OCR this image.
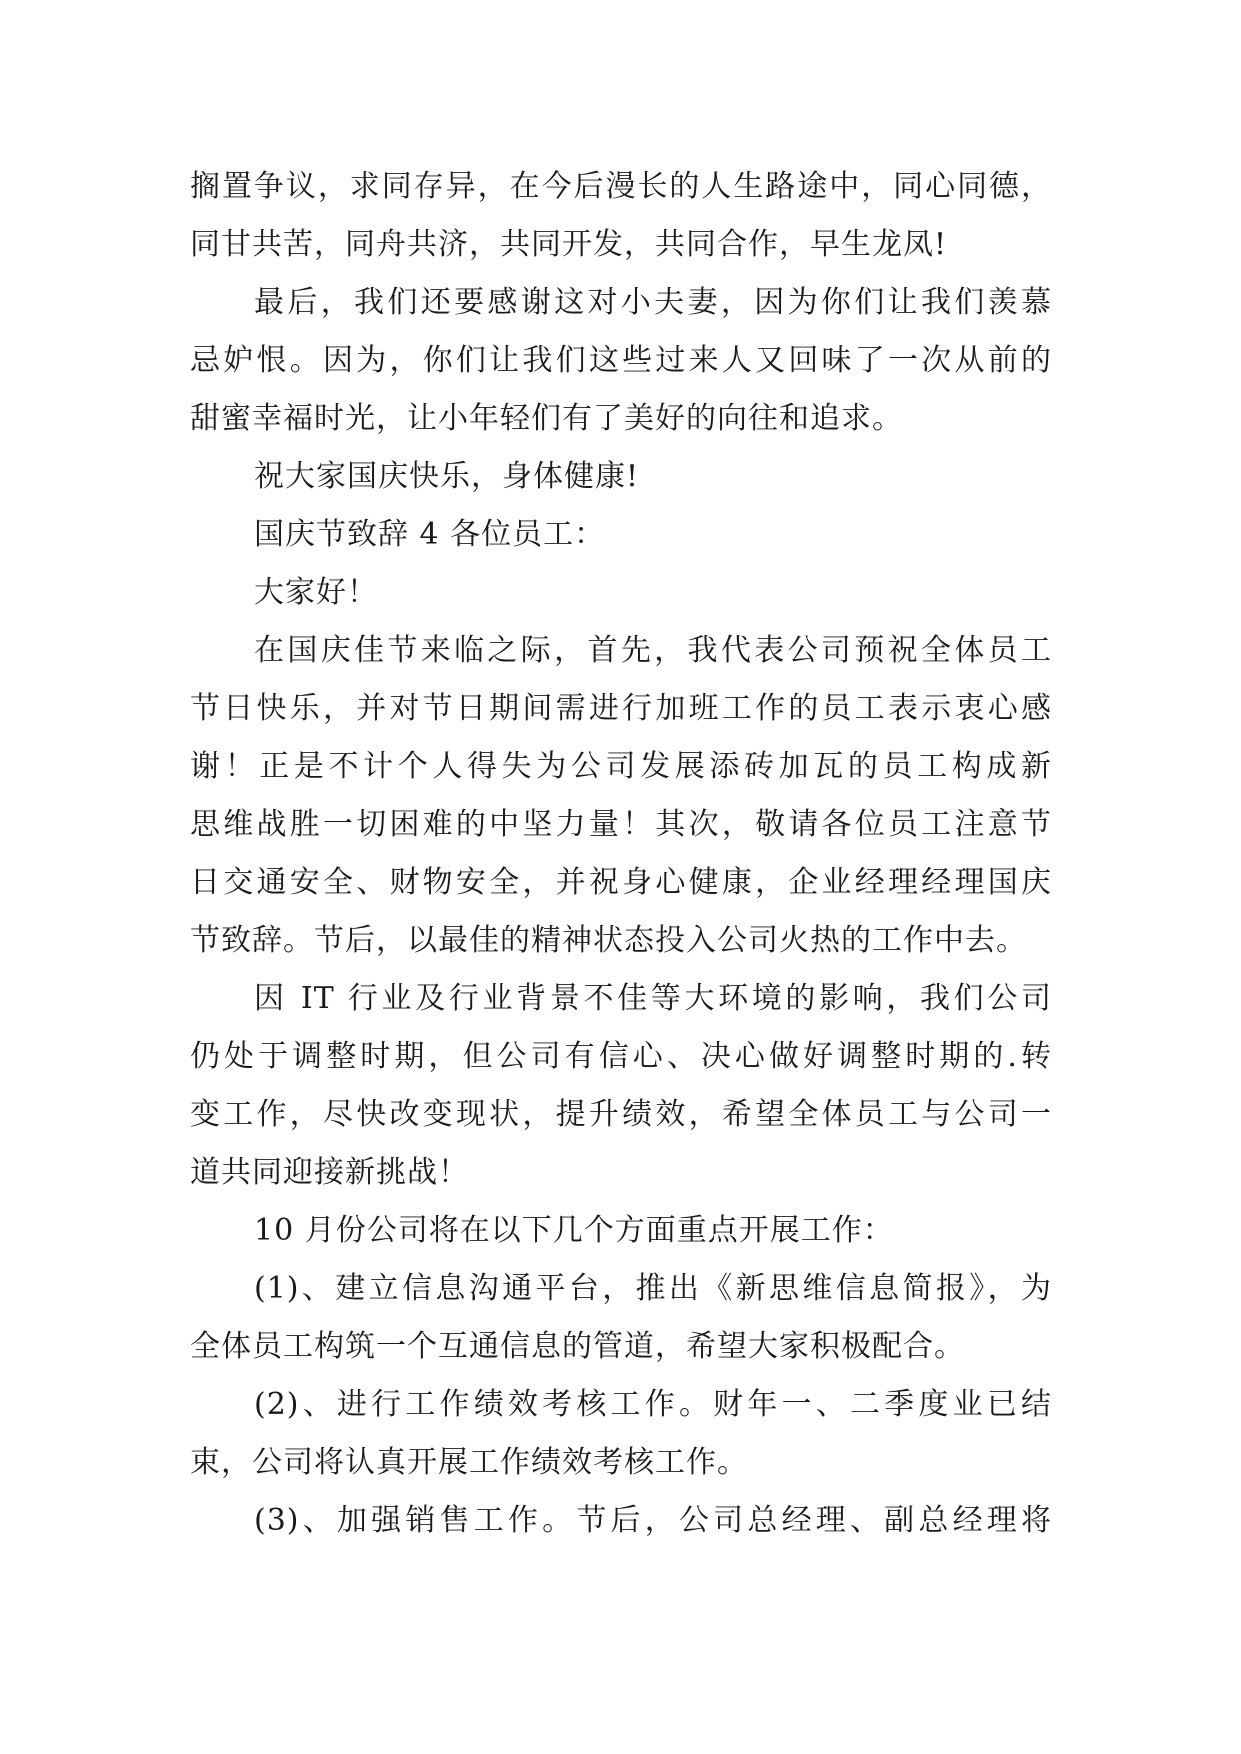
搁置争议，求同存异，在今后漫长的人生路途中，同心同德，
同甘共苦，同舟共济，共同开发，共同合作，早生龙凤!
最后，我们还要感谢这对小夫妻，因为你们让我们羡慕
忌妒恨。因为，你们让我们这些过来人又回味了一次从前的
甜蜜幸福时光，让小年轻们有了美好的向往和追求。
祝大家国庆快乐，身体健康!
国庆节致辞 4 各位员工：
大家好！
在国庆佳节来临之际，首先，我代表公司预祝全体员工
节日快乐，并对节日期间需进行加班工作的员工表示衷心感
谢！正是不计个人得失为公司发展添砖加瓦的员工构成新
思维战胜一切困难的中坚力量！其次，敬请各位员工注意节
日交通安全、财物安全，并祝身心健康，企业经理经理国庆
节致辞。节后，以最佳的精神状态投入公司火热的工作中去。
因 IT 行业及行业背景不佳等大环境的影响，我们公司
仍处于调整时期，但公司有信心、决心做好调整时期的.转
变工作，尽快改变现状，提升绩效，希望全体员工与公司一
道共同迎接新挑战！
10 月份公司将在以下几个方面重点开展工作：
(1)、建立信息沟通平台，推出《新思维信息简报》，为
全体员工构筑一个互通信息的管道，希望大家积极配合。
(2)、进行工作绩效考核工作。财年一、二季度业已结
束，公司将认真开展工作绩效考核工作。
(3)、加强销售工作。节后，公司总经理、副总经理将
